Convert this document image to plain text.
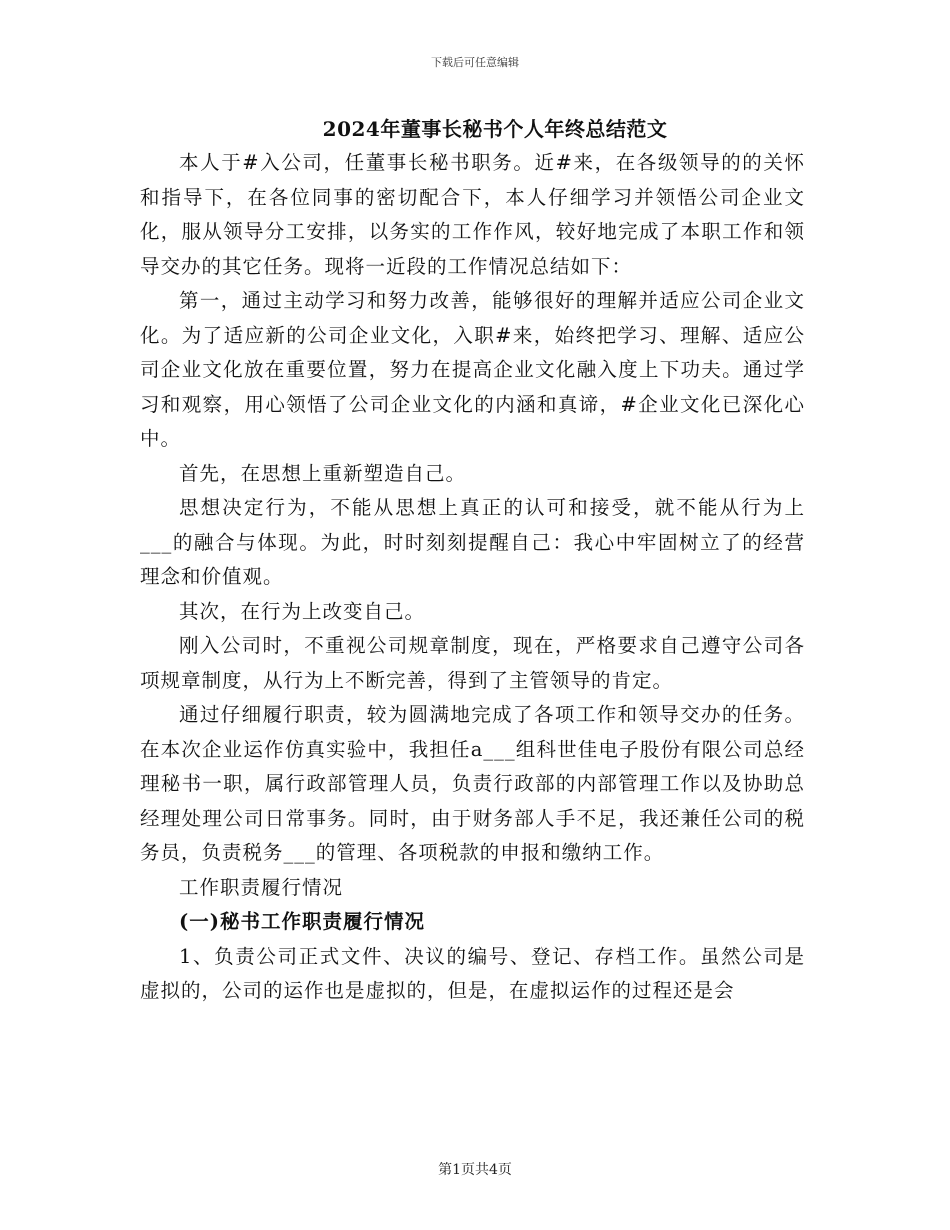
下载后可任意编辑
2024年董事长秘书个人年终总结范文

本人于#入公司，任董事长秘书职务。近#来，在各级领导的的关怀和指导下，在各位同事的密切配合下，本人仔细学习并领悟公司企业文化，服从领导分工安排，以务实的工作作风，较好地完成了本职工作和领导交办的其它任务。现将一近段的工作情况总结如下：

第一，通过主动学习和努力改善，能够很好的理解并适应公司企业文化。为了适应新的公司企业文化，入职#来，始终把学习、理解、适应公司企业文化放在重要位置，努力在提高企业文化融入度上下功夫。通过学习和观察，用心领悟了公司企业文化的内涵和真谛，#企业文化已深化心中。

首先，在思想上重新塑造自己。

思想决定行为，不能从思想上真正的认可和接受，就不能从行为上___的融合与体现。为此，时时刻刻提醒自己：我心中牢固树立了的经营理念和价值观。

其次，在行为上改变自己。

刚入公司时，不重视公司规章制度，现在，严格要求自己遵守公司各项规章制度，从行为上不断完善，得到了主管领导的肯定。

通过仔细履行职责，较为圆满地完成了各项工作和领导交办的任务。在本次企业运作仿真实验中，我担任a___组科世佳电子股份有限公司总经理秘书一职，属行政部管理人员，负责行政部的内部管理工作以及协助总经理处理公司日常事务。同时，由于财务部人手不足，我还兼任公司的税务员，负责税务___的管理、各项税款的申报和缴纳工作。

工作职责履行情况

(一)秘书工作职责履行情况

1、负责公司正式文件、决议的编号、登记、存档工作。虽然公司是虚拟的，公司的运作也是虚拟的，但是，在虚拟运作的过程还是会

第1页共4页
